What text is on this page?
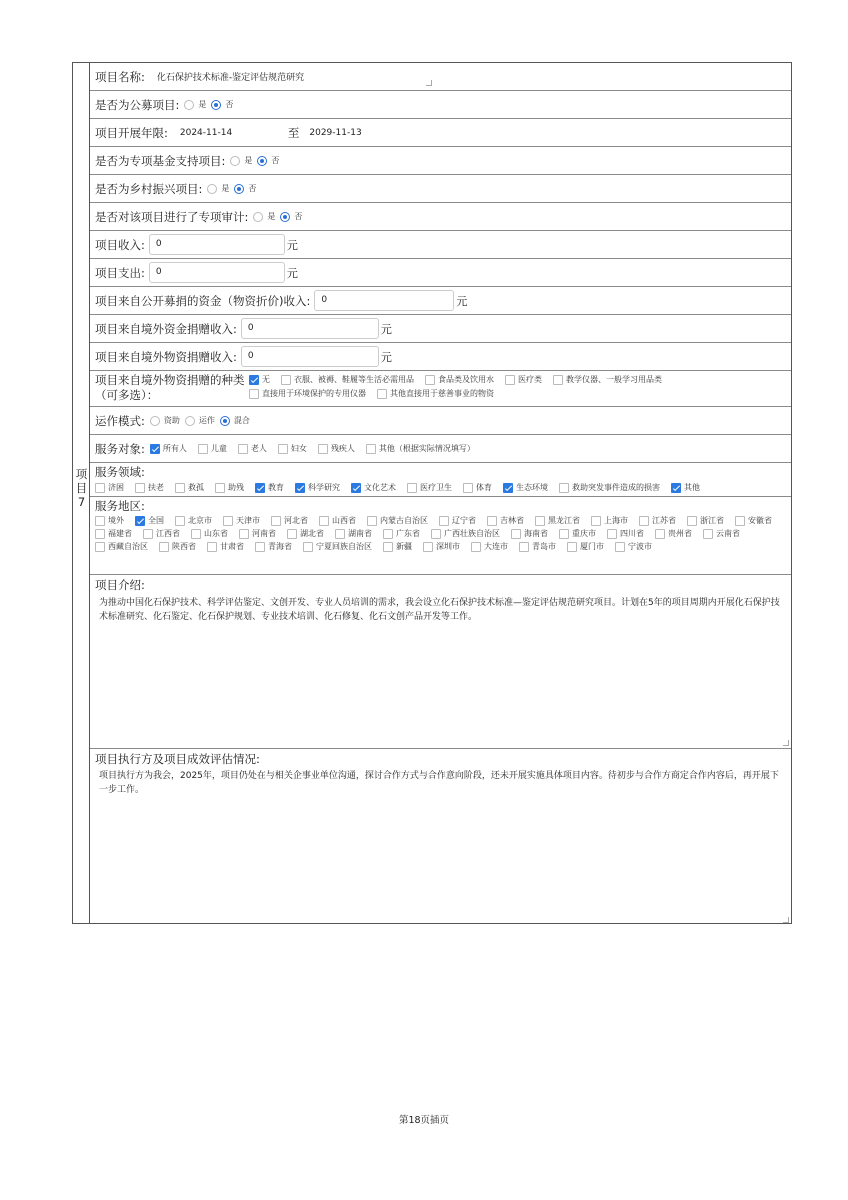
项
目
7
项目名称: 化石保护技术标准-鉴定评估规范研究
是否为公募项目: 是 否
项目开展年限: 2024-11-14	至 2029-11-13
是否为专项基金支持项目: 是 否
是否为乡村振兴项目: 是 否
是否对该项目进行了专项审计: 是 否
项目收入:	0	元
项目支出:	0	元
项目来自公开募捐的资金（物资折价)收入:	0	元
项目来自境外资金捐赠收入:	0	元
项目来自境外物资捐赠收入:	0	元
项目来自境外物资捐赠的种类
（可多选）：
无	衣服、被褥、鞋履等生活必需用品	食品类及饮用水	医疗类	教学仪器、一般学习用品类
直接用于环境保护的专用仪器	其他直接用于慈善事业的物资
运作模式: 资助 运作 混合
服务对象: 所有人	儿童	老人	妇女	残疾人	其他（根据实际情况填写）
服务领域:
济困	扶老	救孤	助残	教育	科学研究	文化艺术	医疗卫生	体育	生态环境	救助突发事件造成的损害	其他
服务地区:
境外	全国	北京市	天津市	河北省	山西省	内蒙古自治区	辽宁省	吉林省	黑龙江省	上海市	江苏省	浙江省	安徽省
福建省	江西省	山东省	河南省	湖北省	湖南省	广东省	广西壮族自治区	海南省	重庆市	四川省	贵州省	云南省
西藏自治区	陕西省	甘肃省	青海省	宁夏回族自治区	新疆	深圳市	大连市	青岛市	厦门市	宁波市
项目介绍:
为推动中国化石保护技术、科学评估鉴定、文创开发、专业人员培训的需求，我会设立化石保护技术标准—鉴定评估规范研究项目。计划在5年的项目周期内开展化石保护技术标准研究、化石鉴定、化石保护规划、专业技术培训、化石修复、化石文创产品开发等工作。
项目执行方及项目成效评估情况:
项目执行方为我会，2025年，项目仍处在与相关企事业单位沟通，探讨合作方式与合作意向阶段，还未开展实施具体项目内容。待初步与合作方商定合作内容后，再开展下一步工作。
第18页插页
